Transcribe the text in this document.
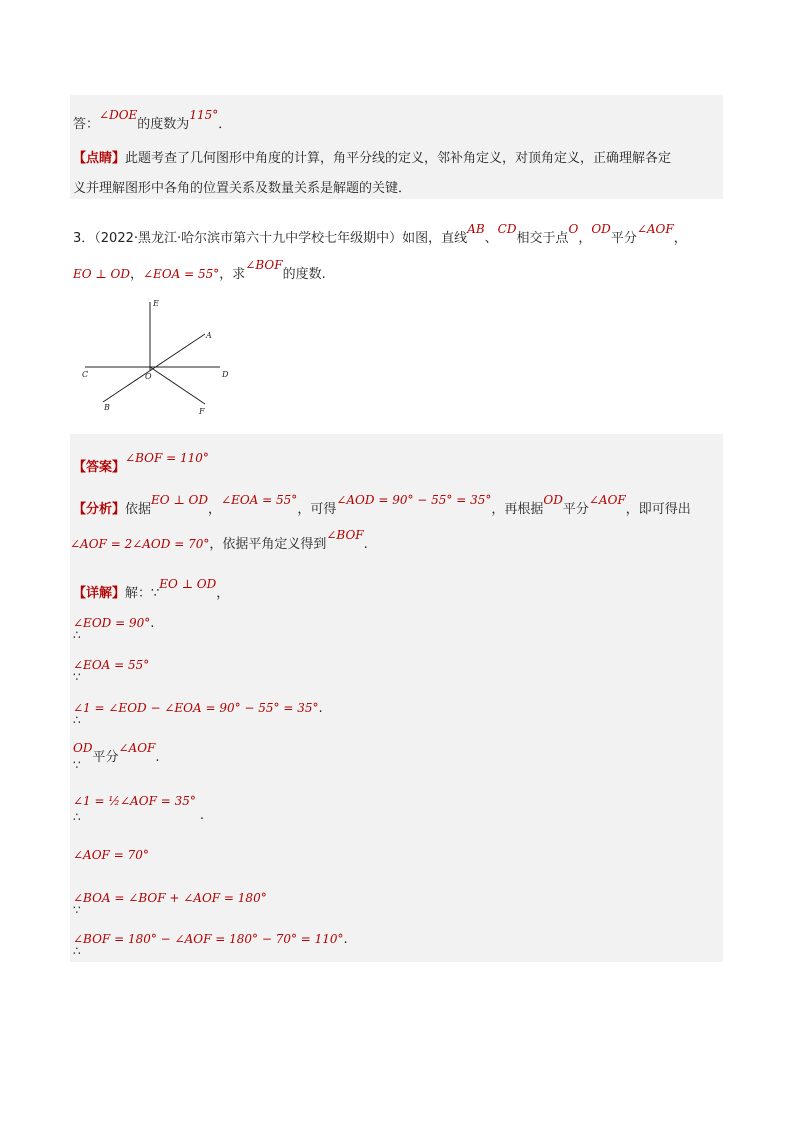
答：∠DOE的度数为115°．
【点睛】此题考查了几何图形中角度的计算，角平分线的定义，邻补角定义，对顶角定义，正确理解各定
义并理解图形中各角的位置关系及数量关系是解题的关键．
3．（2022·黑龙江·哈尔滨市第六十九中学校七年级期中）如图，直线AB、CD相交于点O，OD平分∠AOF，
EO ⊥ OD，∠EOA = 55°，求∠BOF的度数.
E
A
C	O	D
B	F
【答案】∠BOF = 110°
【分析】依据EO ⊥ OD，∠EOA = 55°，可得∠AOD = 90° − 55° = 35°，再根据OD平分∠AOF，即可得出
∠AOF = 2∠AOD = 70°，依据平角定义得到∠BOF.
【详解】解：∵EO ⊥ OD，
∠EOD = 90°.
∴
∠EOA = 55°
∵
∠1 = ∠EOD − ∠EOA = 90° − 55° = 35°.
∴
OD平分∠AOF.
∵
∠1 = ½∠AOF = 35°.
∴
∠AOF = 70°
∠BOA = ∠BOF + ∠AOF = 180°
∵
∠BOF = 180° − ∠AOF = 180° − 70° = 110°.
∴
